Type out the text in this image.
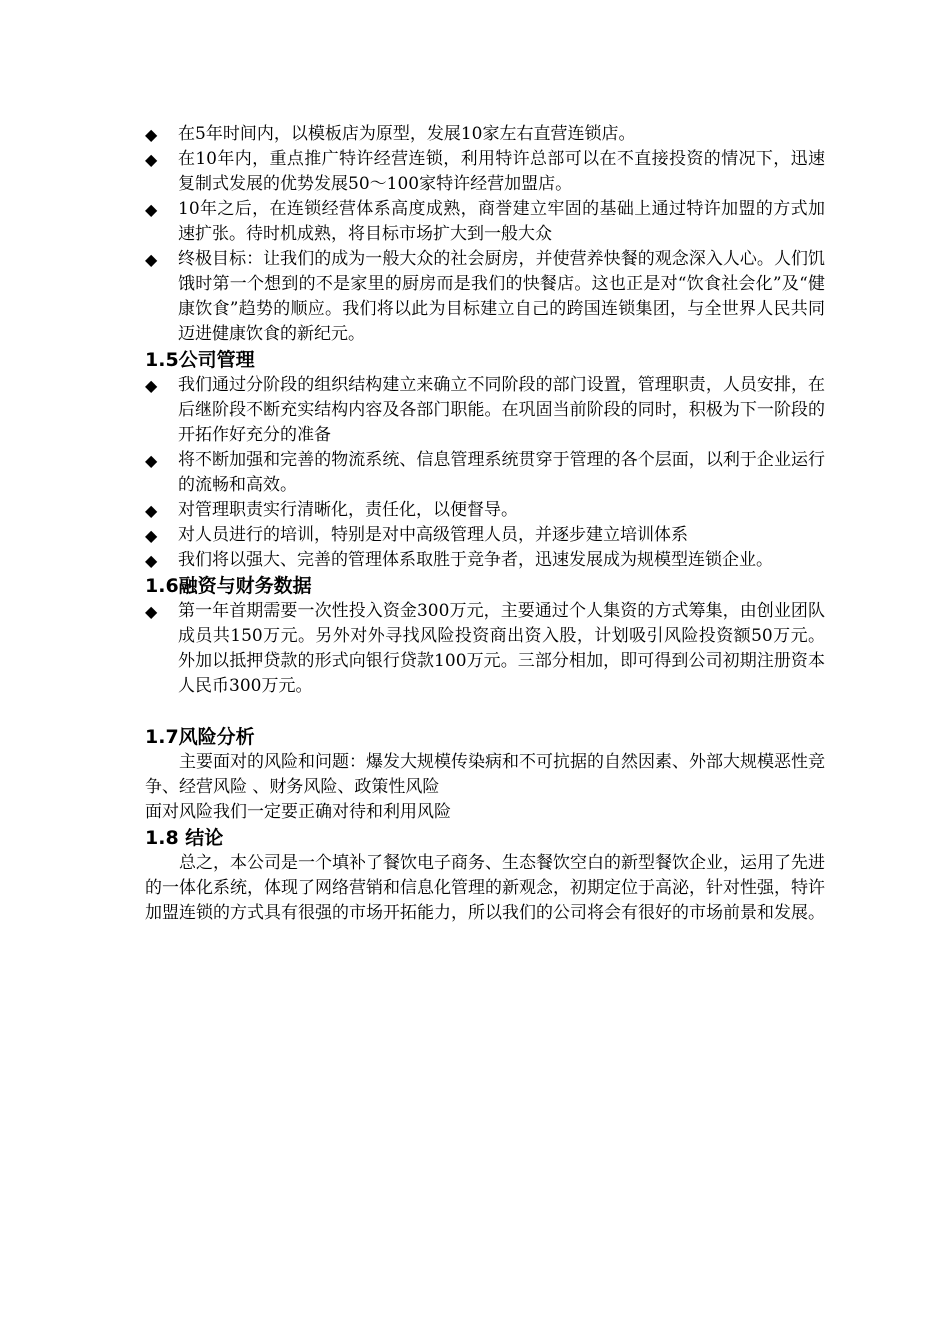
◆ 在5年时间内，以模板店为原型，发展10家左右直营连锁店。
◆ 在10年内，重点推广特许经营连锁，利用特许总部可以在不直接投资的情况下，迅速复制式发展的优势发展50～100家特许经营加盟店。
◆ 10年之后，在连锁经营体系高度成熟，商誉建立牢固的基础上通过特许加盟的方式加速扩张。待时机成熟，将目标市场扩大到一般大众
◆ 终极目标：让我们的成为一般大众的社会厨房，并使营养快餐的观念深入人心。人们饥饿时第一个想到的不是家里的厨房而是我们的快餐店。这也正是对“饮食社会化”及“健康饮食”趋势的顺应。我们将以此为目标建立自己的跨国连锁集团，与全世界人民共同迈进健康饮食的新纪元。
1.5公司管理
◆ 我们通过分阶段的组织结构建立来确立不同阶段的部门设置，管理职责，人员安排，在后继阶段不断充实结构内容及各部门职能。在巩固当前阶段的同时，积极为下一阶段的开拓作好充分的准备
◆ 将不断加强和完善的物流系统、信息管理系统贯穿于管理的各个层面，以利于企业运行的流畅和高效。
◆ 对管理职责实行清晰化，责任化，以便督导。
◆ 对人员进行的培训，特别是对中高级管理人员，并逐步建立培训体系
◆ 我们将以强大、完善的管理体系取胜于竞争者，迅速发展成为规模型连锁企业。
1.6融资与财务数据
◆ 第一年首期需要一次性投入资金300万元，主要通过个人集资的方式筹集，由创业团队成员共150万元。另外对外寻找风险投资商出资入股，计划吸引风险投资额50万元。外加以抵押贷款的形式向银行贷款100万元。三部分相加，即可得到公司初期注册资本人民币300万元。
1.7风险分析

主要面对的风险和问题：爆发大规模传染病和不可抗据的自然因素、外部大规模恶性竞争、经营风险 、财务风险、政策性风险

面对风险我们一定要正确对待和利用风险

1.8 结论

总之，本公司是一个填补了餐饮电子商务、生态餐饮空白的新型餐饮企业，运用了先进的一体化系统，体现了网络营销和信息化管理的新观念，初期定位于高泌，针对性强，特许加盟连锁的方式具有很强的市场开拓能力，所以我们的公司将会有很好的市场前景和发展。
